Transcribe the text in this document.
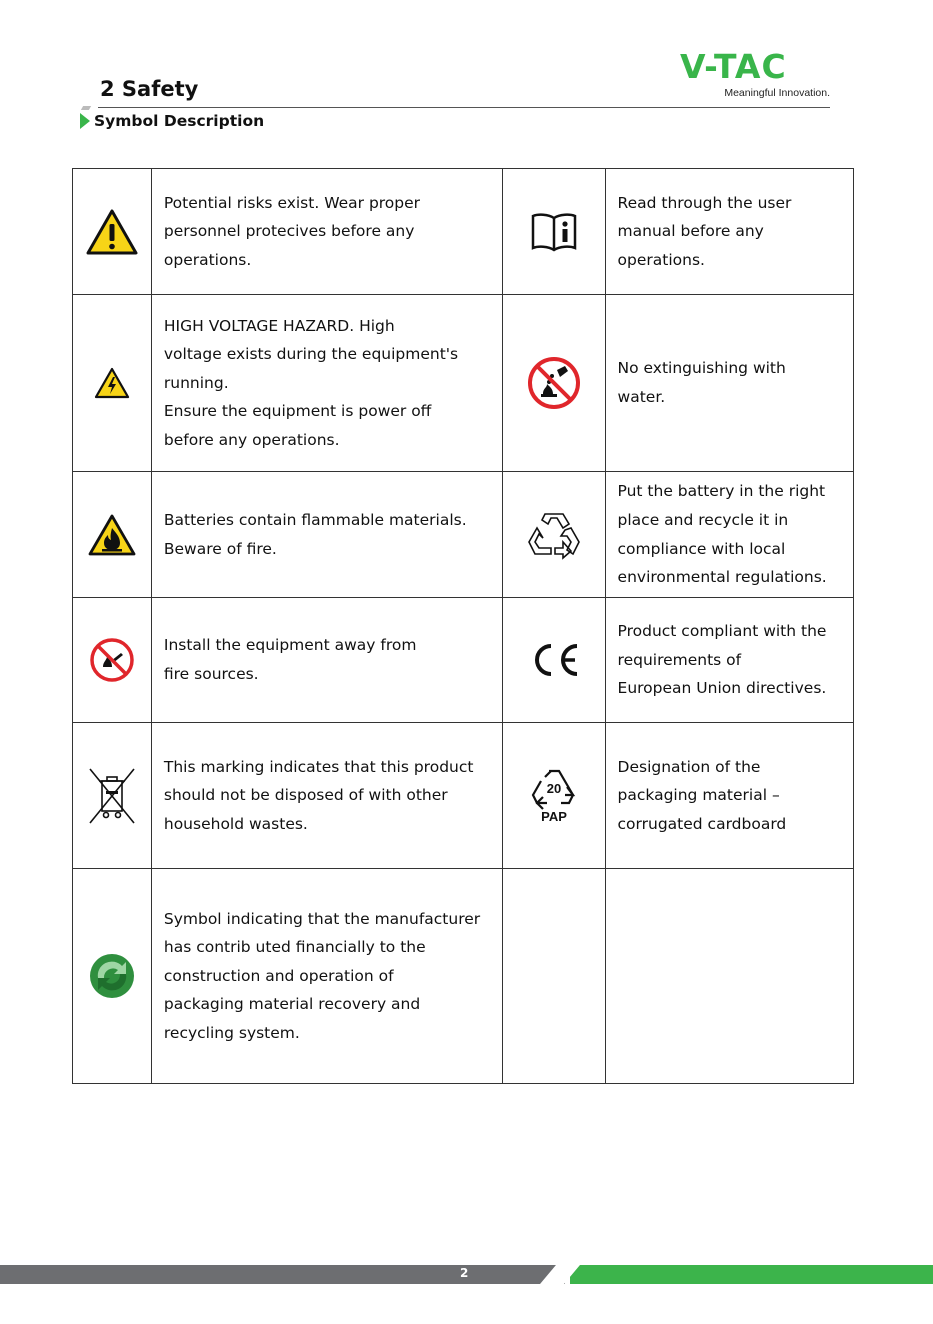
V-TAC
Meaningful Innovation.
2 Safety
Symbol Description
	Potential risks exist. Wear proper
personnel protecives before any
operations.		Read through the user
manual before any
operations.
	HIGH VOLTAGE HAZARD. High
voltage exists during the equipment's
running.
Ensure the equipment is power off
before any operations.		No extinguishing with
water.
	Batteries contain flammable materials.
Beware of fire.		Put the battery in the right
place and recycle it in
compliance with local
environmental regulations.
	Install the equipment away from
fire sources.		Product compliant with the
requirements of
European Union directives.
	This marking indicates that this product
should not be disposed of with other
household wastes.	20
PAP	Designation of the
packaging material –
corrugated cardboard
	Symbol indicating that the manufacturer
has contrib uted financially to the
construction and operation of
packaging material recovery and
recycling system.		
2
